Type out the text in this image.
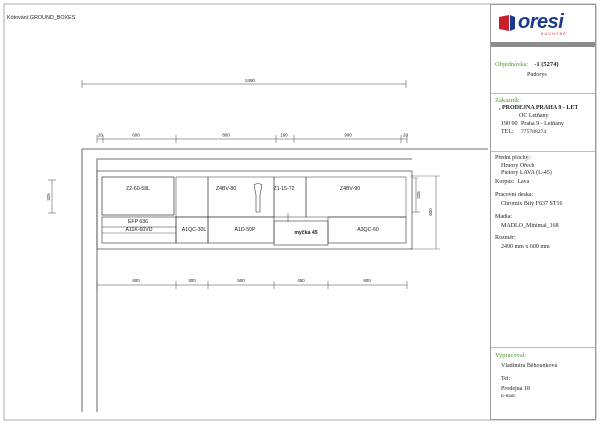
Kótování:GROUND_BOXES
2490
20	600	800	160	900	20
Z2-60-58L	Z4BV-80	Z1-15-72	Z4BV-90
EFP 636
A11K-60VD	A1QC-30L	A1D-50P	myčka 45	A3QC-60
325	325
600
600	300	500	450	600
oresi
KUCHYNĚ
Objednávka: -1 (5274)
Půdorys
Zákazník:
, PRODEJNA PRAHA 9 - LET
OC Letňany
190 00 Praha 9 - Letňany
TEL: 775788274
Přední plochy:
Hruory Ořech
Pietory LAVA (L-45)
Korpus: Lava
Pracovní deska:
Chromix Bílý F637 ST16
Madla:
MADLO_Minimal_168
Rozměr:
2490 mm x 600 mm
Vypracoval:
Vladimíra Běhounková
Tel:
Prodejna 18
E-mail:
